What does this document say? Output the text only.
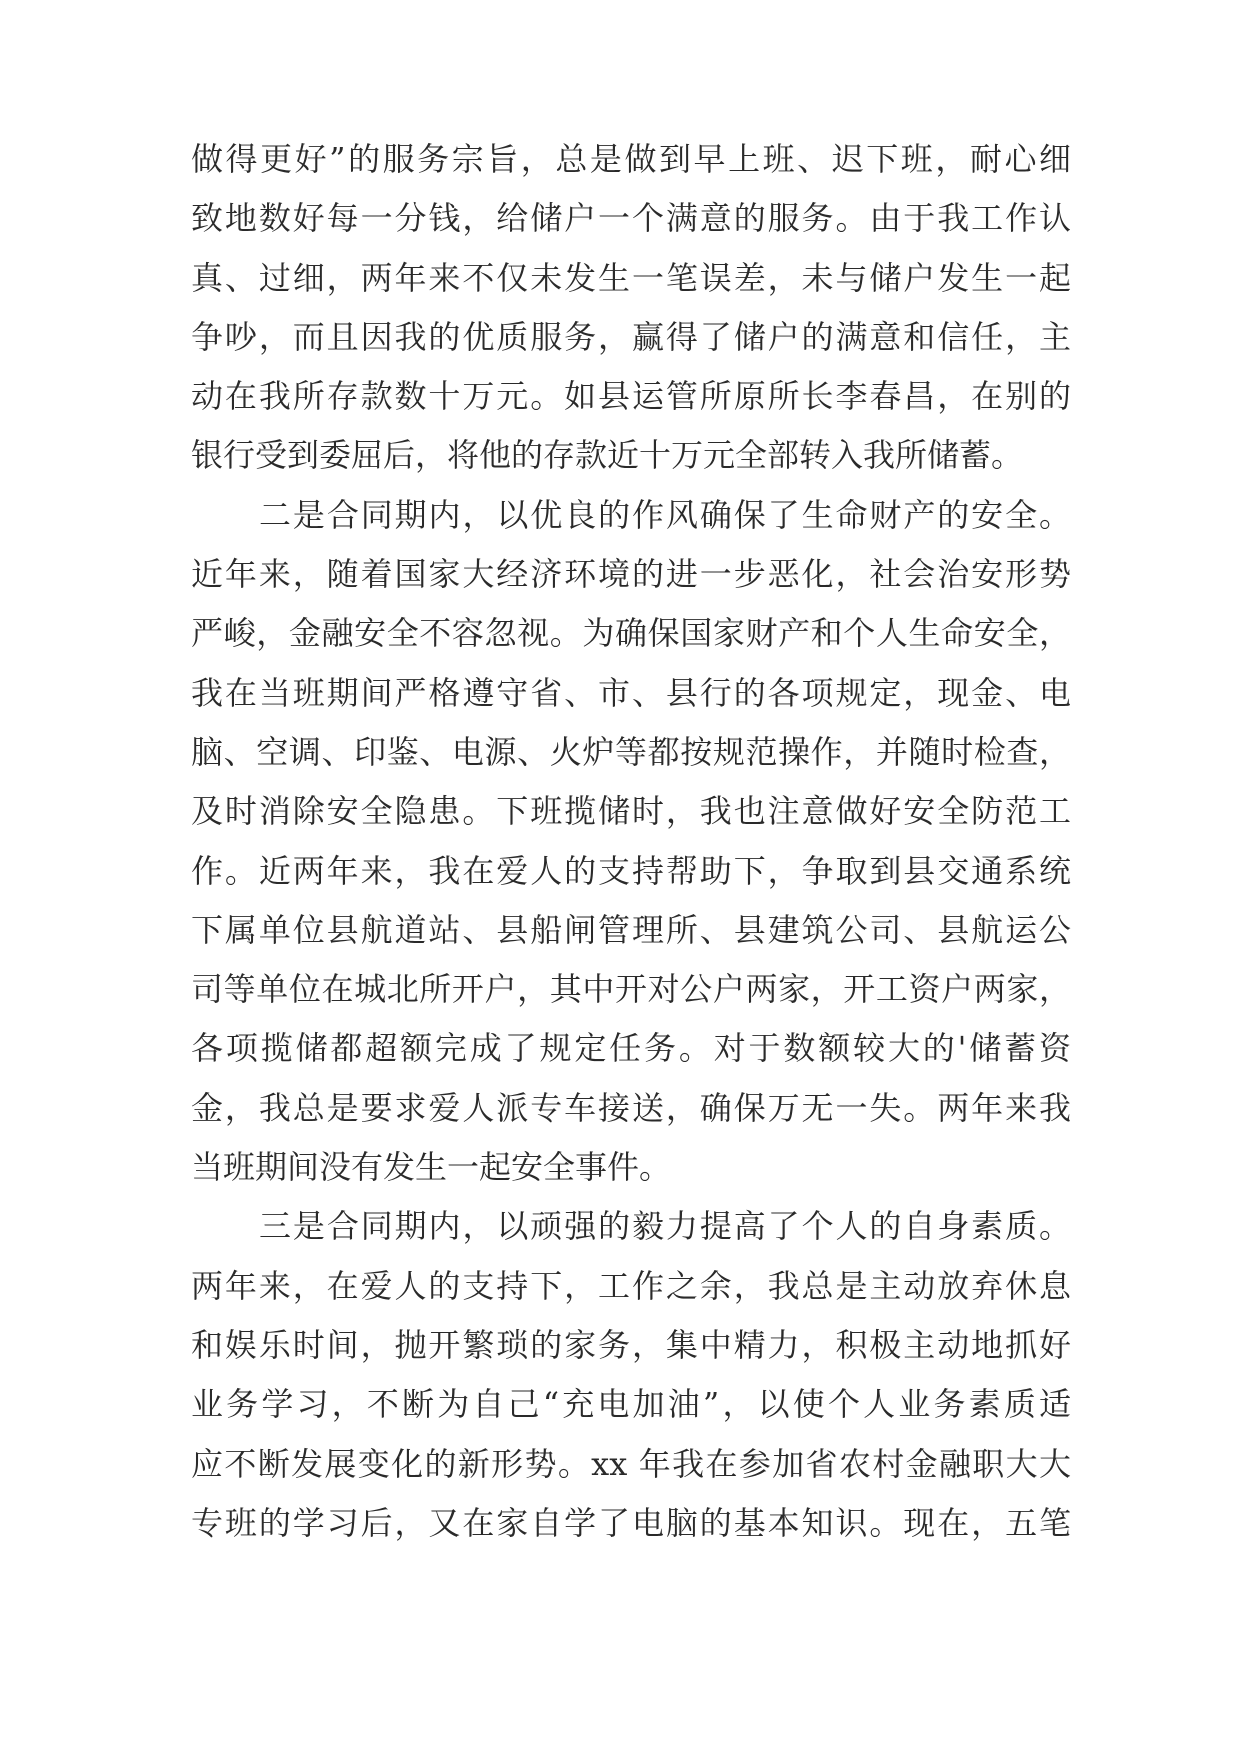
做得更好”的服务宗旨，总是做到早上班、迟下班，耐心细
致地数好每一分钱，给储户一个满意的服务。由于我工作认
真、过细，两年来不仅未发生一笔误差，未与储户发生一起
争吵，而且因我的优质服务，赢得了储户的满意和信任，主
动在我所存款数十万元。如县运管所原所长李春昌，在别的
银行受到委屈后，将他的存款近十万元全部转入我所储蓄。
二是合同期内，以优良的作风确保了生命财产的安全。
近年来，随着国家大经济环境的进一步恶化，社会治安形势
严峻，金融安全不容忽视。为确保国家财产和个人生命安全，
我在当班期间严格遵守省、市、县行的各项规定，现金、电
脑、空调、印鉴、电源、火炉等都按规范操作，并随时检查，
及时消除安全隐患。下班揽储时，我也注意做好安全防范工
作。近两年来，我在爱人的支持帮助下，争取到县交通系统
下属单位县航道站、县船闸管理所、县建筑公司、县航运公
司等单位在城北所开户，其中开对公户两家，开工资户两家，
各项揽储都超额完成了规定任务。对于数额较大的'储蓄资
金，我总是要求爱人派专车接送，确保万无一失。两年来我
当班期间没有发生一起安全事件。
三是合同期内，以顽强的毅力提高了个人的自身素质。
两年来，在爱人的支持下，工作之余，我总是主动放弃休息
和娱乐时间，抛开繁琐的家务，集中精力，积极主动地抓好
业务学习，不断为自己“充电加油”，以使个人业务素质适
应不断发展变化的新形势。xx 年我在参加省农村金融职大大
专班的学习后，又在家自学了电脑的基本知识。现在，五笔
